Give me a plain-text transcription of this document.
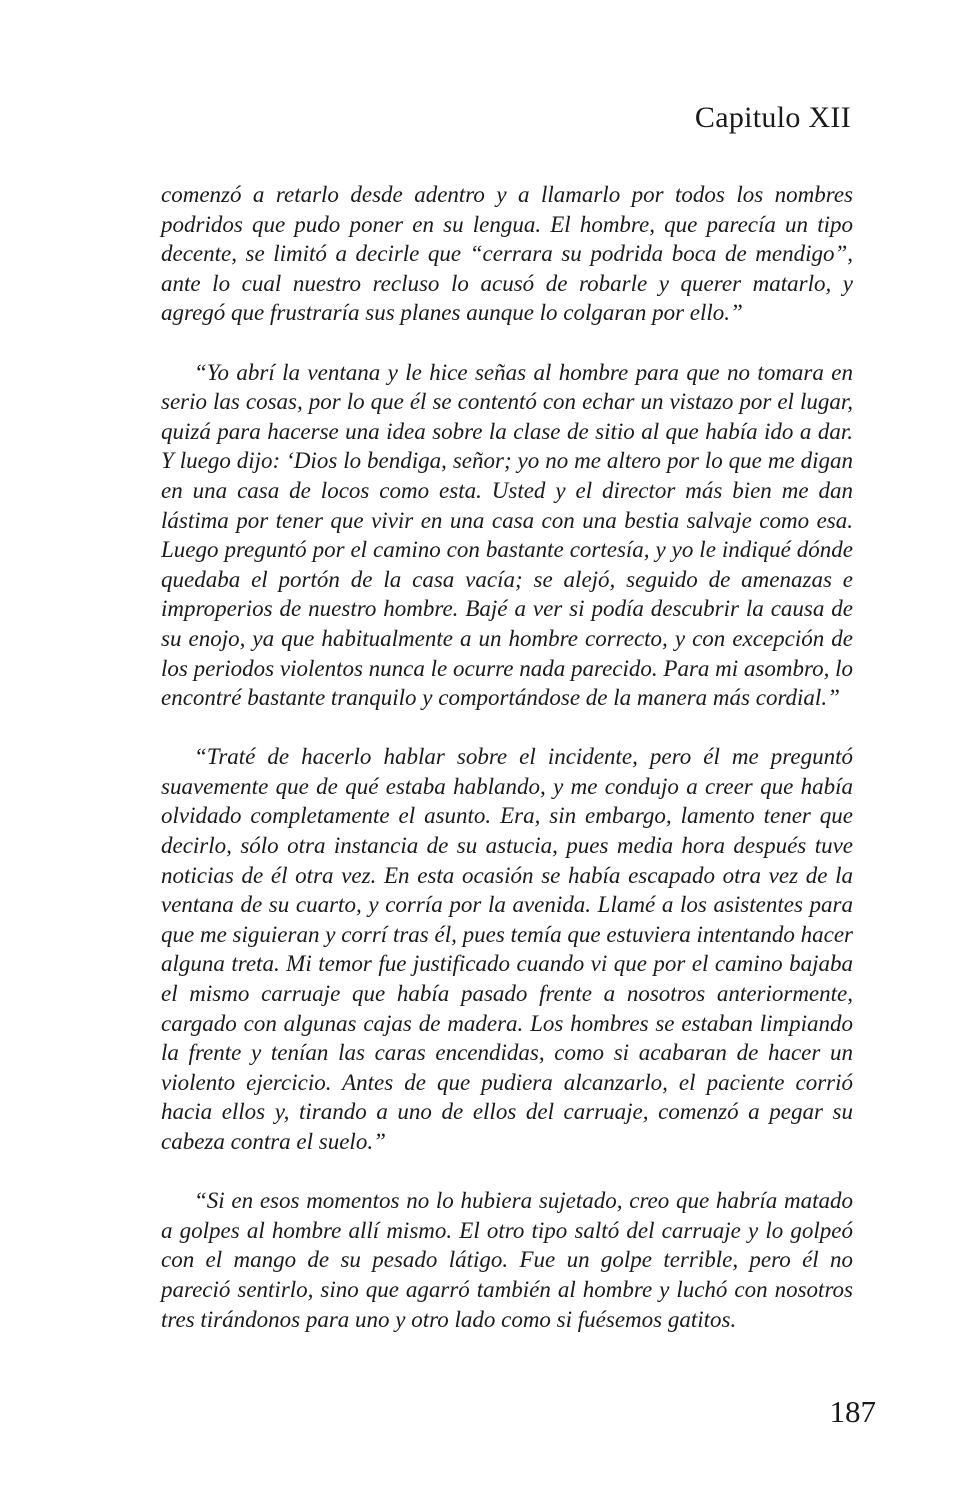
Capitulo XII

comenzó a retarlo desde adentro y a llamarlo por todos los nombres podridos que pudo poner en su lengua. El hombre, que parecía un tipo decente, se limitó a decirle que “cerrara su podrida boca de mendigo”, ante lo cual nuestro recluso lo acusó de robarle y querer matarlo, y agregó que frustraría sus planes aunque lo colgaran por ello.”

“Yo abrí la ventana y le hice señas al hombre para que no tomara en serio las cosas, por lo que él se contentó con echar un vistazo por el lugar, quizá para hacerse una idea sobre la clase de sitio al que había ido a dar. Y luego dijo: ‘Dios lo bendiga, señor; yo no me altero por lo que me digan en una casa de locos como esta. Usted y el director más bien me dan lástima por tener que vivir en una casa con una bestia salvaje como esa. Luego preguntó por el camino con bastante cortesía, y yo le indiqué dónde quedaba el portón de la casa vacía; se alejó, seguido de amenazas e improperios de nuestro hombre. Bajé a ver si podía descubrir la causa de su enojo, ya que habitualmente a un hombre correcto, y con excepción de los periodos violentos nunca le ocurre nada parecido. Para mi asombro, lo encontré bastante tranquilo y comportándose de la manera más cordial.”

“Traté de hacerlo hablar sobre el incidente, pero él me preguntó suavemente que de qué estaba hablando, y me condujo a creer que había olvidado completamente el asunto. Era, sin embargo, lamento tener que decirlo, sólo otra instancia de su astucia, pues media hora después tuve noticias de él otra vez. En esta ocasión se había escapado otra vez de la ventana de su cuarto, y corría por la avenida. Llamé a los asistentes para que me siguieran y corrí tras él, pues temía que estuviera intentando hacer alguna treta. Mi temor fue justificado cuando vi que por el camino bajaba el mismo carruaje que había pasado frente a nosotros anteriormente, cargado con algunas cajas de madera. Los hombres se estaban limpiando la frente y tenían las caras encendidas, como si acabaran de hacer un violento ejercicio. Antes de que pudiera alcanzarlo, el paciente corrió hacia ellos y, tirando a uno de ellos del carruaje, comenzó a pegar su cabeza contra el suelo.”

“Si en esos momentos no lo hubiera sujetado, creo que habría matado a golpes al hombre allí mismo. El otro tipo saltó del carruaje y lo golpeó con el mango de su pesado látigo. Fue un golpe terrible, pero él no pareció sentirlo, sino que agarró también al hombre y luchó con nosotros tres tirándonos para uno y otro lado como si fuésemos gatitos.

187
